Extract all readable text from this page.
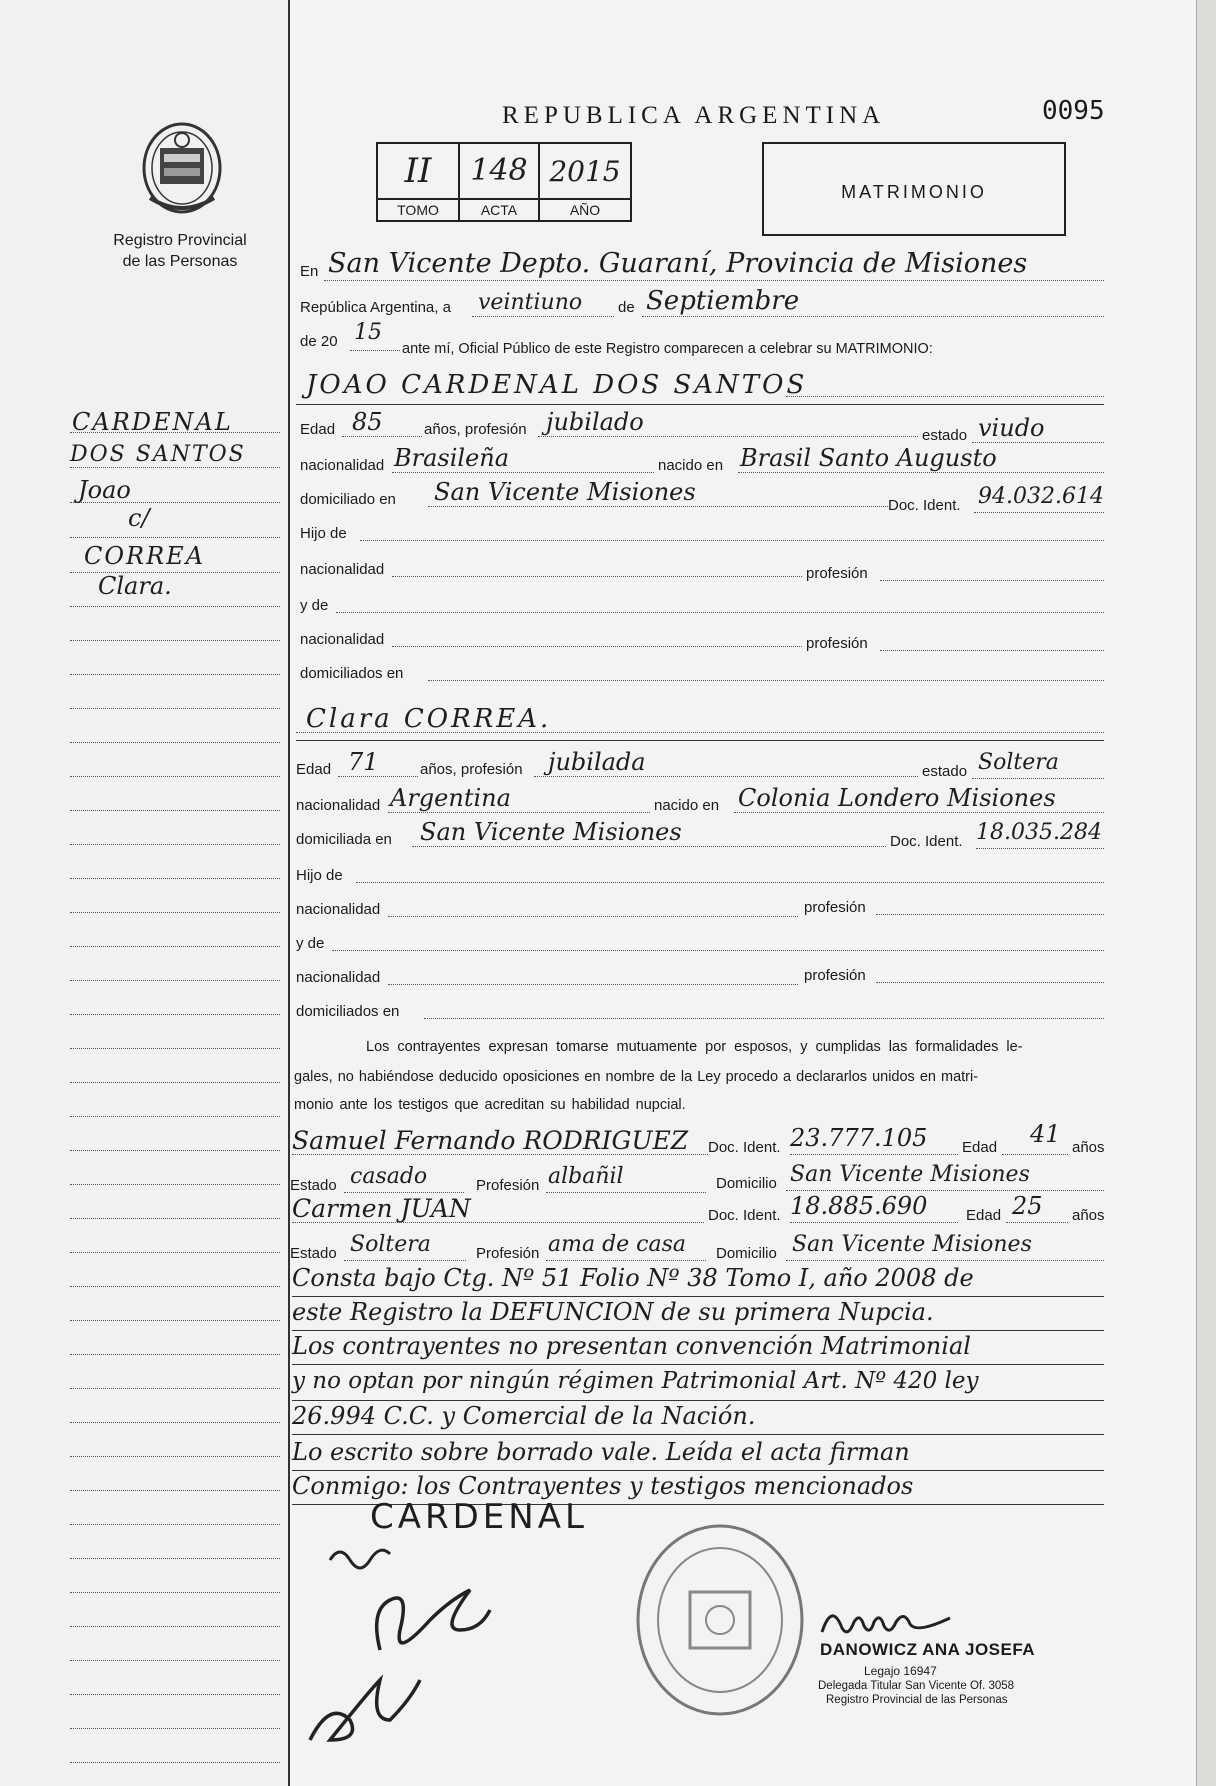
Registro Provincial
de las Personas
CARDENAL
DOS SANTOS
Joao
c/
CORREA
Clara.
REPUBLICA ARGENTINA	0095
II	148 2015
TOMO	ACTA	AÑO
MATRIMONIO
En San Vicente Depto. Guaraní, Provincia de Misiones
República Argentina, a veintiuno de Septiembre
de 20 15
ante mí, Oficial Público de este Registro comparecen a celebrar su MATRIMONIO:
JOAO CARDENAL DOS SANTOS
Edad 85	años, profesión jubilado	estado viudo
nacionalidad Brasileña	nacido en Brasil Santo Augusto
domiciliado en San Vicente Misiones	Doc. Ident. 94.032.614
Hijo de
nacionalidad	profesión
y de
nacionalidad	profesión
domiciliados en
Clara CORREA.
Edad 71	años, profesión jubilada	estado Soltera
nacionalidad Argentina	nacido en Colonia Londero Misiones
domiciliada en San Vicente Misiones	Doc. Ident. 18.035.284
Hijo de
nacionalidad	profesión
y de
nacionalidad	profesión
domiciliados en
Los contrayentes expresan tomarse mutuamente por esposos, y cumplidas las formalidades le-
gales, no habiéndose deducido oposiciones en nombre de la Ley procedo a declararlos unidos en matri-
monio ante los testigos que acreditan su habilidad nupcial.
Samuel Fernando RODRIGUEZ Doc. Ident. 23.777.105 Edad 41 años
Estado casado	Profesión albañil	Domicilio San Vicente Misiones
Carmen JUAN	Doc. Ident. 18.885.690	Edad 25 años
Estado Soltera	Profesión ama de casa Domicilio San Vicente Misiones
Consta bajo Ctg. Nº 51 Folio Nº 38 Tomo I, año 2008 de
este Registro la DEFUNCION de su primera Nupcia.
Los contrayentes no presentan convención Matrimonial
y no optan por ningún régimen Patrimonial Art. Nº 420 ley
26.994 C.C. y Comercial de la Nación.
Lo escrito sobre borrado vale. Leída el acta firman
Conmigo: los Contrayentes y testigos mencionados
CARDENAL
DANOWICZ ANA JOSEFA
Legajo 16947
Delegada Titular San Vicente Of. 3058
Registro Provincial de las Personas
